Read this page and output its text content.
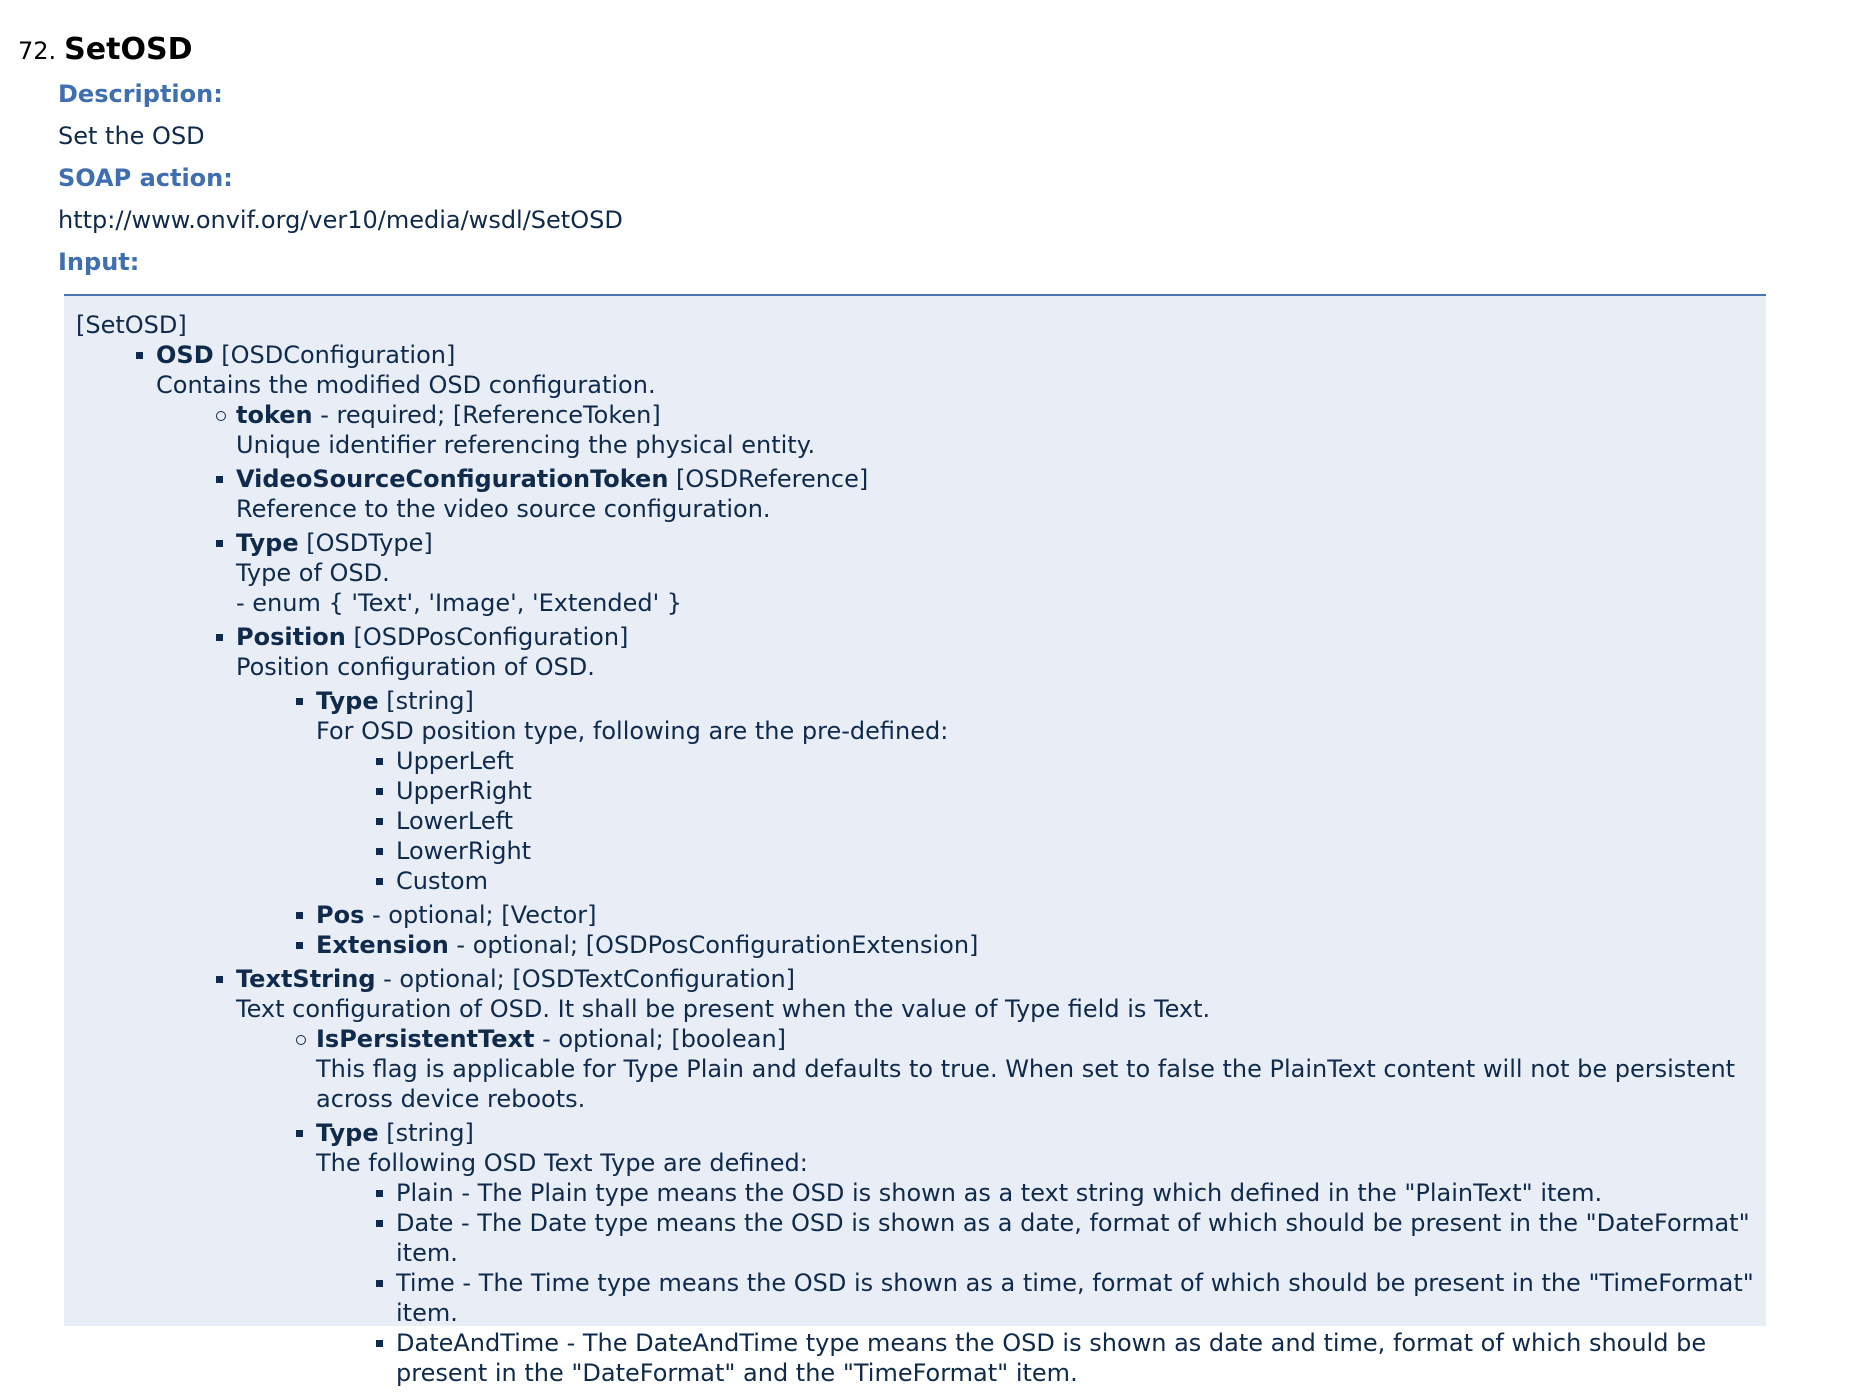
72. SetOSD
Description:
Set the OSD
SOAP action:
http://www.onvif.org/ver10/media/wsdl/SetOSD
Input:
[SetOSD]
OSD [OSDConfiguration]
Contains the modified OSD configuration.
token - required; [ReferenceToken]
Unique identifier referencing the physical entity.
VideoSourceConfigurationToken [OSDReference]
Reference to the video source configuration.
Type [OSDType]
Type of OSD.
- enum { 'Text', 'Image', 'Extended' }
Position [OSDPosConfiguration]
Position configuration of OSD.
Type [string]
For OSD position type, following are the pre-defined:
UpperLeft
UpperRight
LowerLeft
LowerRight
Custom
Pos - optional; [Vector]
Extension - optional; [OSDPosConfigurationExtension]
TextString - optional; [OSDTextConfiguration]
Text configuration of OSD. It shall be present when the value of Type field is Text.
IsPersistentText - optional; [boolean]
This flag is applicable for Type Plain and defaults to true. When set to false the PlainText content will not be persistent across device reboots.
Type [string]
The following OSD Text Type are defined:
Plain - The Plain type means the OSD is shown as a text string which defined in the "PlainText" item.
Date - The Date type means the OSD is shown as a date, format of which should be present in the "DateFormat" item.
Time - The Time type means the OSD is shown as a time, format of which should be present in the "TimeFormat" item.
DateAndTime - The DateAndTime type means the OSD is shown as date and time, format of which should be present in the "DateFormat" and the "TimeFormat" item.
